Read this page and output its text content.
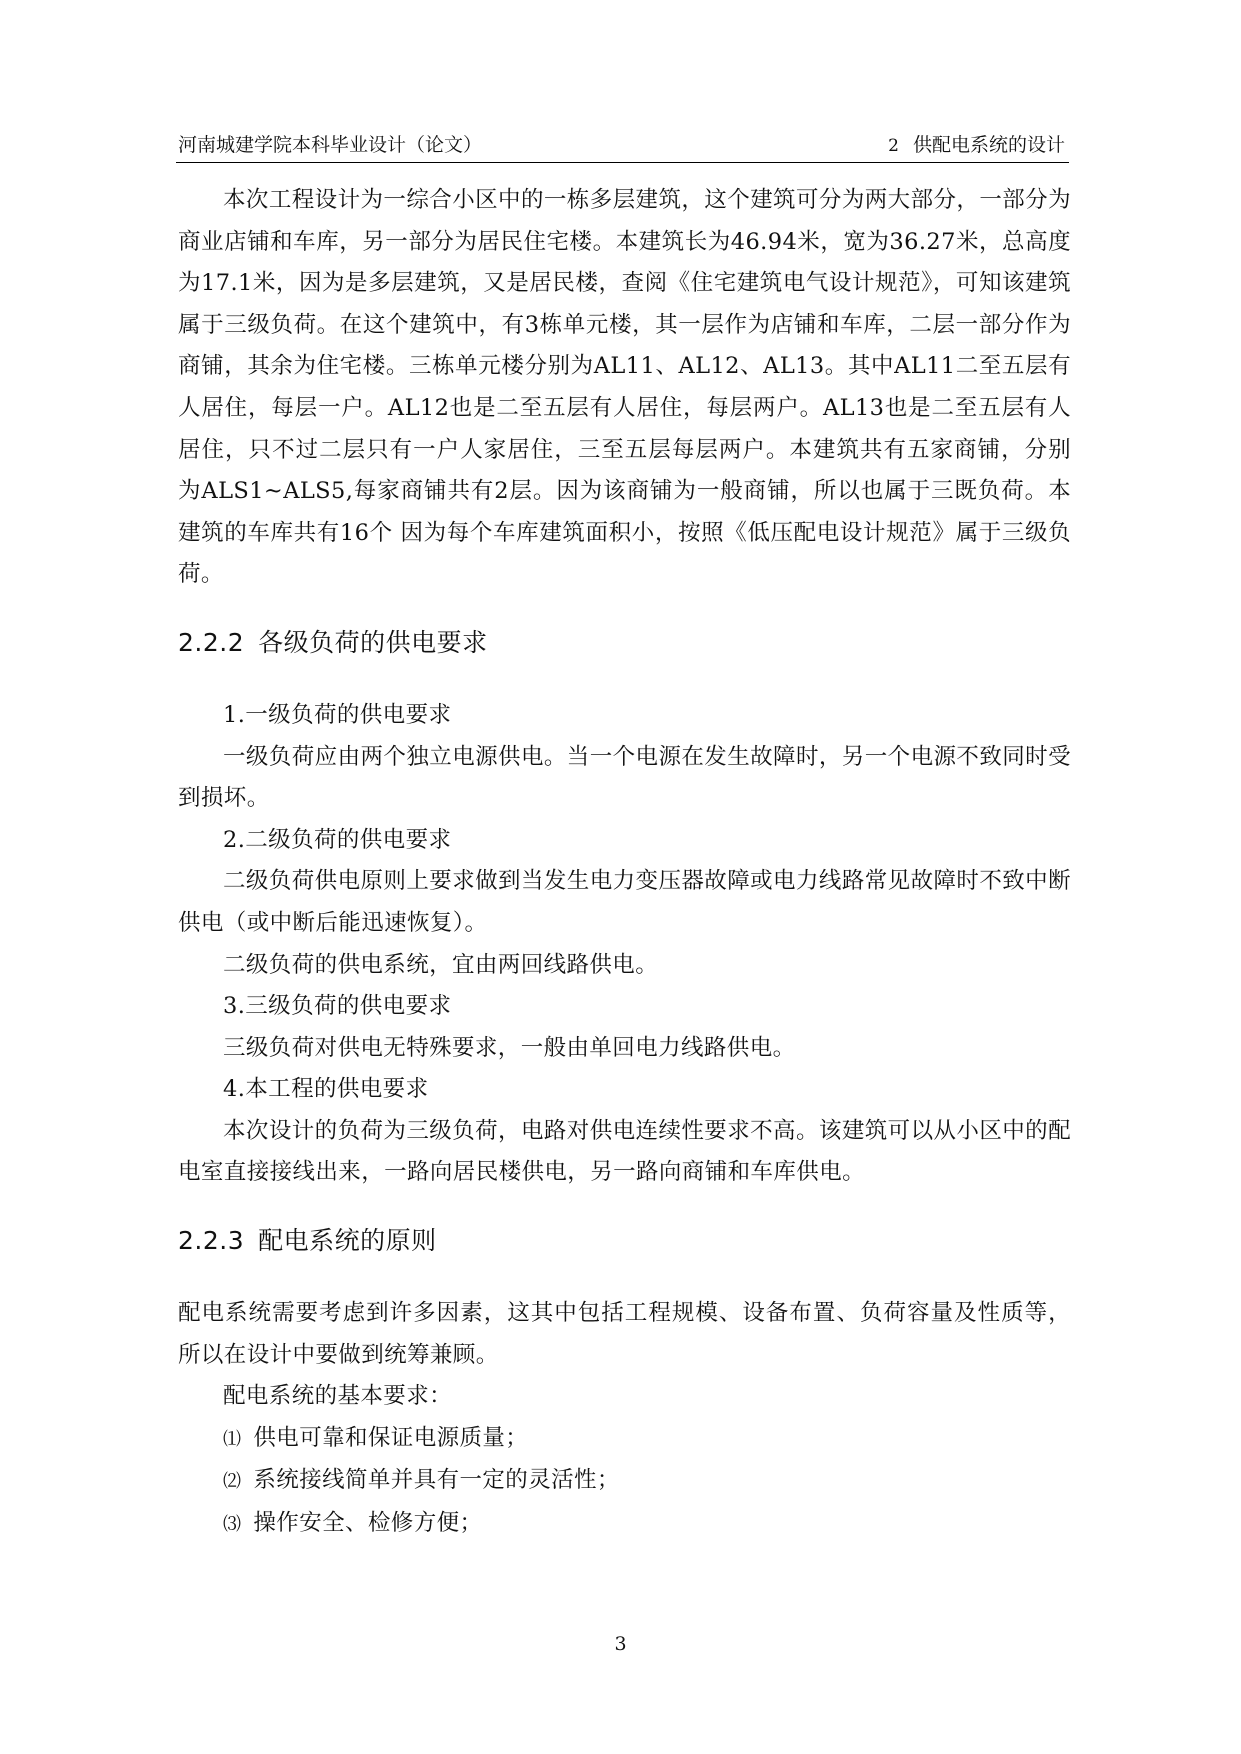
河南城建学院本科毕业设计（论文）	2 供配电系统的设计

本次工程设计为一综合小区中的一栋多层建筑，这个建筑可分为两大部分，一部分为商业店铺和车库，另一部分为居民住宅楼。本建筑长为46.94米，宽为36.27米，总高度为17.1米，因为是多层建筑，又是居民楼，查阅《住宅建筑电气设计规范》，可知该建筑属于三级负荷。在这个建筑中，有3栋单元楼，其一层作为店铺和车库，二层一部分作为商铺，其余为住宅楼。三栋单元楼分别为AL11、AL12、AL13。其中AL11二至五层有人居住，每层一户。AL12也是二至五层有人居住，每层两户。AL13也是二至五层有人居住，只不过二层只有一户人家居住，三至五层每层两户。本建筑共有五家商铺，分别为ALS1~ALS5,每家商铺共有2层。因为该商铺为一般商铺，所以也属于三既负荷。本建筑的车库共有16个 因为每个车库建筑面积小，按照《低压配电设计规范》属于三级负荷。

2.2.2 各级负荷的供电要求

1.一级负荷的供电要求

一级负荷应由两个独立电源供电。当一个电源在发生故障时，另一个电源不致同时受到损坏。

2.二级负荷的供电要求

二级负荷供电原则上要求做到当发生电力变压器故障或电力线路常见故障时不致中断供电（或中断后能迅速恢复）。

二级负荷的供电系统，宜由两回线路供电。

3.三级负荷的供电要求

三级负荷对供电无特殊要求，一般由单回电力线路供电。

4.本工程的供电要求

本次设计的负荷为三级负荷，电路对供电连续性要求不高。该建筑可以从小区中的配电室直接接线出来，一路向居民楼供电，另一路向商铺和车库供电。

2.2.3 配电系统的原则

配电系统需要考虑到许多因素，这其中包括工程规模、设备布置、负荷容量及性质等，所以在设计中要做到统筹兼顾。

配电系统的基本要求：

⑴ 供电可靠和保证电源质量；

⑵ 系统接线简单并具有一定的灵活性；

⑶ 操作安全、检修方便；

3
